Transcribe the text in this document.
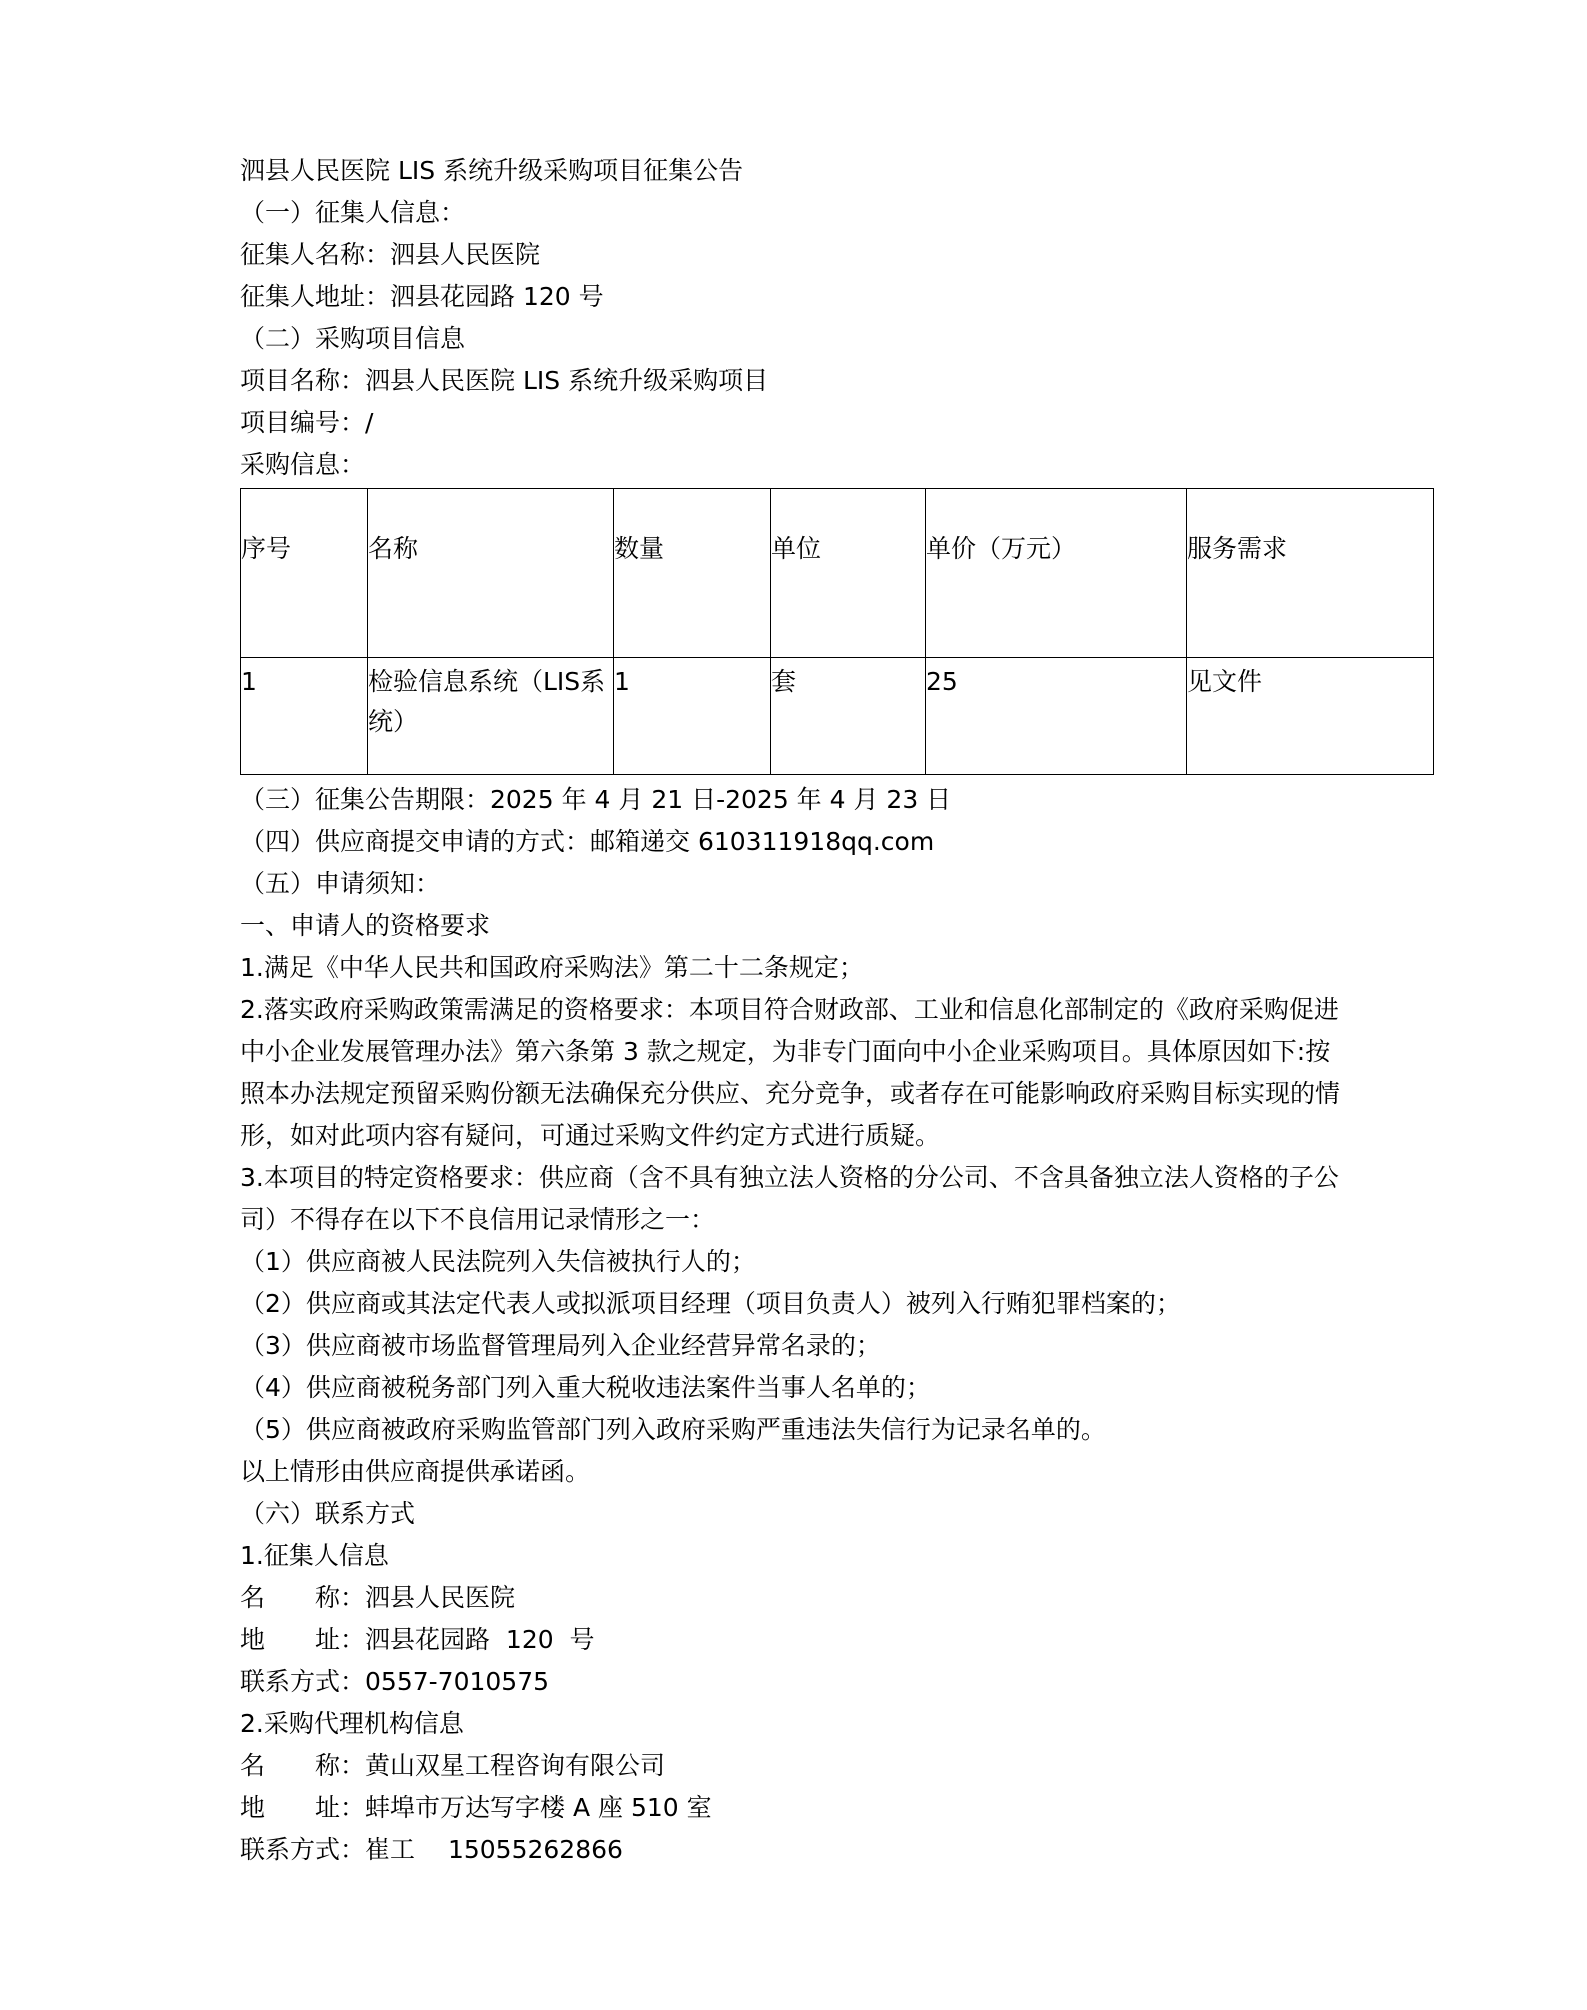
泗县人民医院 LIS 系统升级采购项目征集公告
（一）征集人信息：
征集人名称：泗县人民医院
征集人地址：泗县花园路 120 号
（二）采购项目信息
项目名称：泗县人民医院 LIS 系统升级采购项目
项目编号：/
采购信息：
序号	名称	数量	单位	单价（万元）	服务需求
1	检验信息系统（LIS系统）	1	套	25	见文件
（三）征集公告期限：2025 年 4 月 21 日-2025 年 4 月 23 日
（四）供应商提交申请的方式：邮箱递交 610311918qq.com
（五）申请须知：
一、申请人的资格要求
1.满足《中华人民共和国政府采购法》第二十二条规定；
2.落实政府采购政策需满足的资格要求：本项目符合财政部、工业和信息化部制定的《政府采购促进中小企业发展管理办法》第六条第 3 款之规定，为非专门面向中小企业采购项目。具体原因如下:按照本办法规定预留采购份额无法确保充分供应、充分竞争，或者存在可能影响政府采购目标实现的情形，如对此项内容有疑问，可通过采购文件约定方式进行质疑。
3.本项目的特定资格要求：供应商（含不具有独立法人资格的分公司、不含具备独立法人资格的子公司）不得存在以下不良信用记录情形之一：
（1）供应商被人民法院列入失信被执行人的；
（2）供应商或其法定代表人或拟派项目经理（项目负责人）被列入行贿犯罪档案的；
（3）供应商被市场监督管理局列入企业经营异常名录的；
（4）供应商被税务部门列入重大税收违法案件当事人名单的；
（5）供应商被政府采购监管部门列入政府采购严重违法失信行为记录名单的。
以上情形由供应商提供承诺函。
（六）联系方式
1.征集人信息
名　　称：泗县人民医院
地　　址：泗县花园路  120  号
联系方式：0557-7010575
2.采购代理机构信息
名　　称：黄山双星工程咨询有限公司
地　　址：蚌埠市万达写字楼 A 座 510 室
联系方式：崔工　 15055262866
